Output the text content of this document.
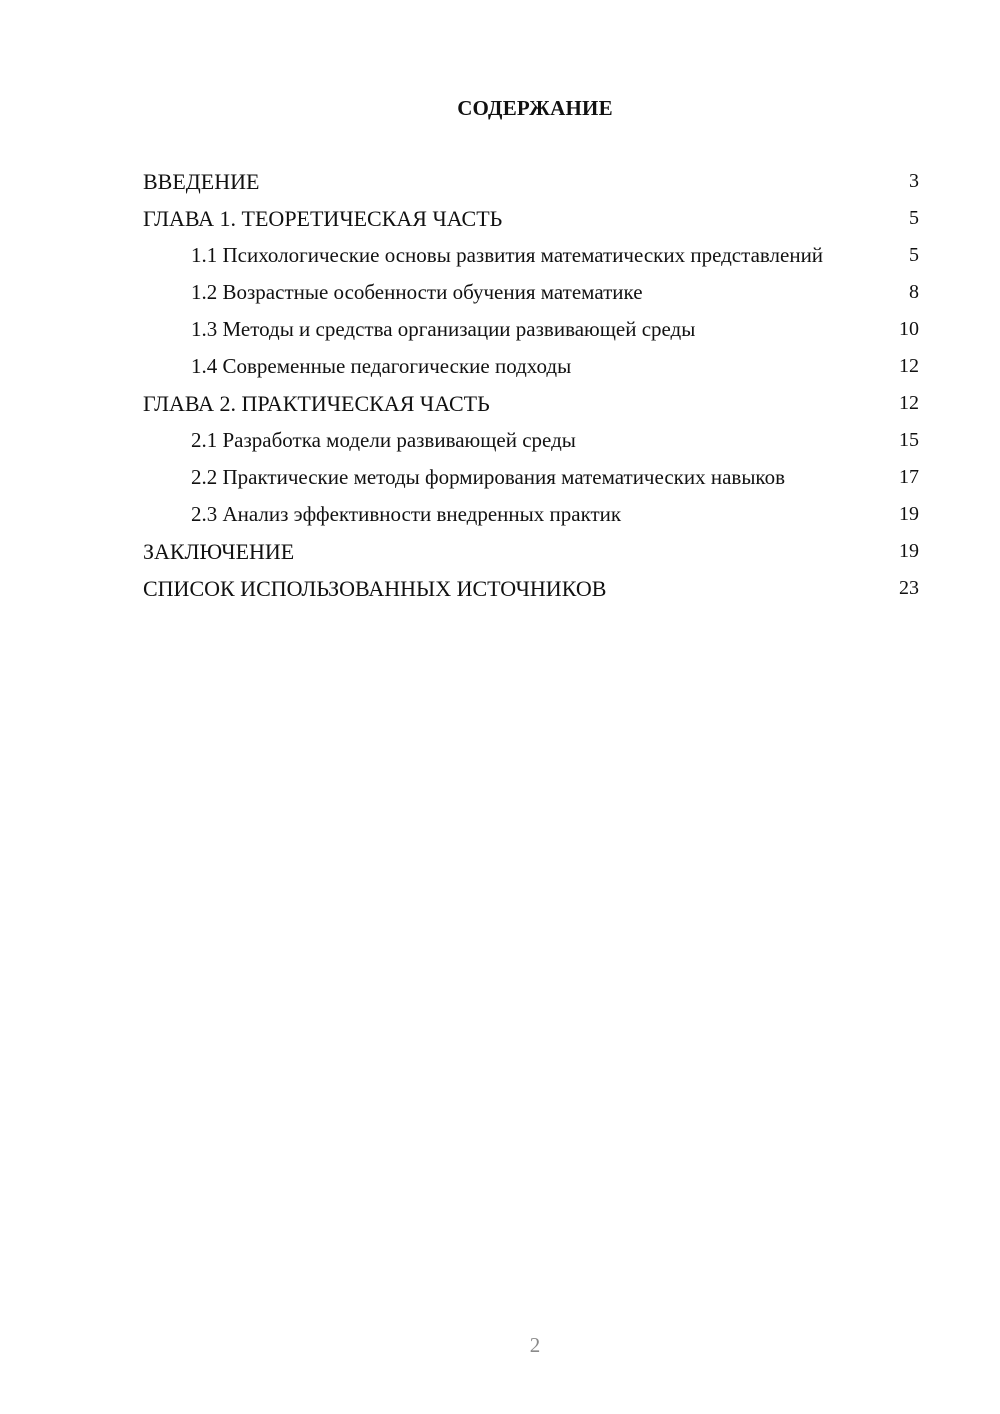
СОДЕРЖАНИЕ
ВВЕДЕНИЕ	3
ГЛАВА 1. ТЕОРЕТИЧЕСКАЯ ЧАСТЬ	5
1.1 Психологические основы развития математических представлений	5
1.2 Возрастные особенности обучения математике	8
1.3 Методы и средства организации развивающей среды	10
1.4 Современные педагогические подходы	12
ГЛАВА 2. ПРАКТИЧЕСКАЯ ЧАСТЬ	12
2.1 Разработка модели развивающей среды	15
2.2 Практические методы формирования математических навыков	17
2.3 Анализ эффективности внедренных практик	19
ЗАКЛЮЧЕНИЕ	19
СПИСОК ИСПОЛЬЗОВАННЫХ ИСТОЧНИКОВ	23
2
